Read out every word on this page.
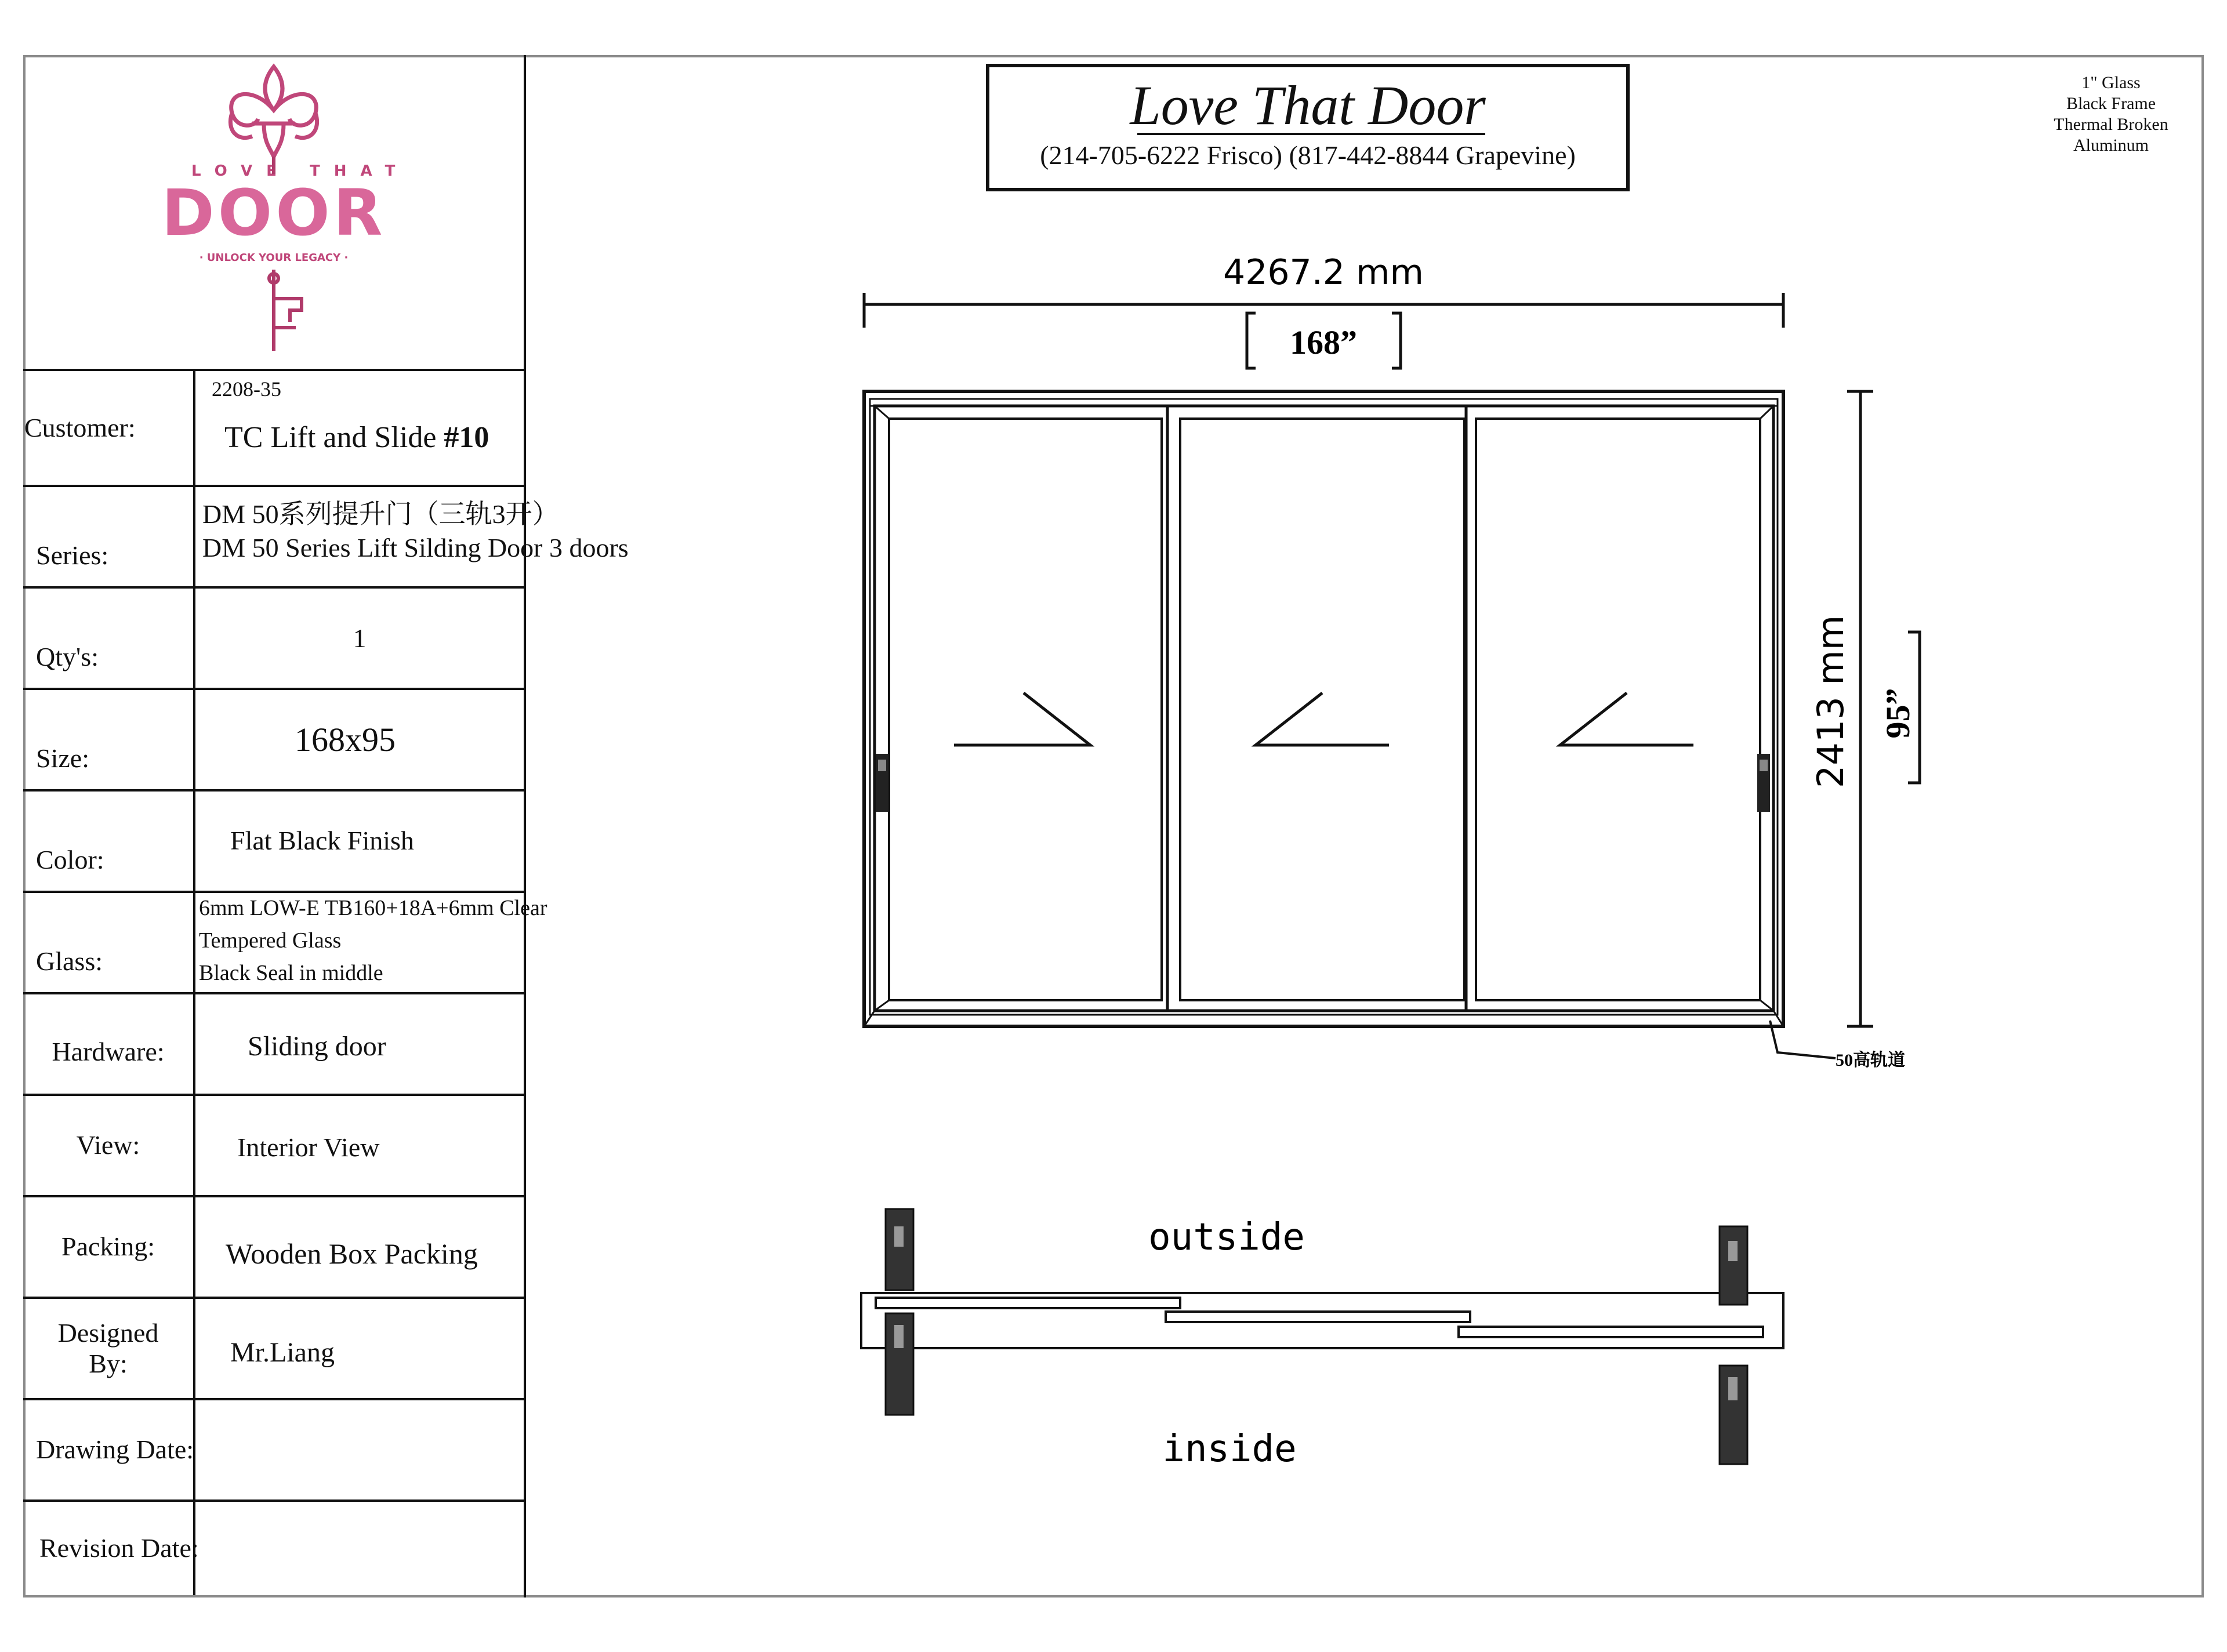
LOVE THAT
DOOR
· UNLOCK YOUR LEGACY ·
Customer:
2208-35
TC Lift and Slide #10
Series:
DM 50系列提升门（三轨3开）
DM 50 Series Lift Silding Door 3 doors
Qty's:
1
Size:	168x95
Color:
Flat Black Finish
Glass:
6mm LOW-E TB160+18A+6mm Clear
Tempered Glass
Black Seal in middle
Hardware:	Sliding door
View:	Interior View
Packing:	Wooden Box Packing
Designed By:	Mr.Liang
Drawing Date:
Revision Date:
Love That Door
(214-705-6222 Frisco) (817-442-8844 Grapevine)
1" Glass
Black Frame
Thermal Broken
Aluminum
4267.2 mm
168”
2413 mm 95”
50高轨道
outside
inside
